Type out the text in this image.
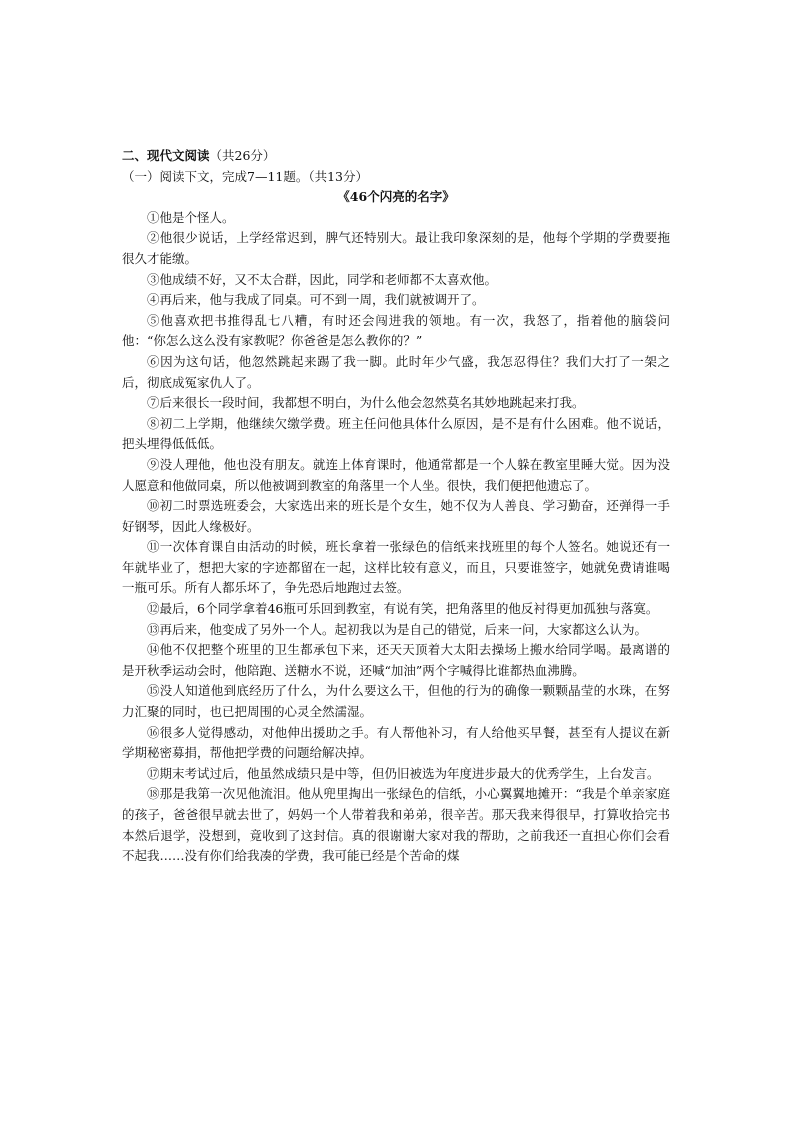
二、现代文阅读（共26分）
（一）阅读下文，完成7—11题。（共13分）
《46个闪亮的名字》

①他是个怪人。

②他很少说话，上学经常迟到，脾气还特别大。最让我印象深刻的是，他每个学期的学费要拖很久才能缴。

③他成绩不好，又不太合群，因此，同学和老师都不太喜欢他。

④再后来，他与我成了同桌。可不到一周，我们就被调开了。

⑤他喜欢把书推得乱七八糟，有时还会闯进我的领地。有一次，我怒了，指着他的脑袋问他：“你怎么这么没有家教呢？你爸爸是怎么教你的？”

⑥因为这句话，他忽然跳起来踢了我一脚。此时年少气盛，我怎忍得住？我们大打了一架之后，彻底成冤家仇人了。

⑦后来很长一段时间，我都想不明白，为什么他会忽然莫名其妙地跳起来打我。

⑧初二上学期，他继续欠缴学费。班主任问他具体什么原因，是不是有什么困难。他不说话，把头埋得低低低。

⑨没人理他，他也没有朋友。就连上体育课时，他通常都是一个人躲在教室里睡大觉。因为没人愿意和他做同桌，所以他被调到教室的角落里一个人坐。很快，我们便把他遗忘了。

⑩初二时票选班委会，大家选出来的班长是个女生，她不仅为人善良、学习勤奋，还弹得一手好钢琴，因此人缘极好。

⑪一次体育课自由活动的时候，班长拿着一张绿色的信纸来找班里的每个人签名。她说还有一年就毕业了，想把大家的字迹都留在一起，这样比较有意义，而且，只要谁签字，她就免费请谁喝一瓶可乐。所有人都乐坏了，争先恐后地跑过去签。

⑫最后，6个同学拿着46瓶可乐回到教室，有说有笑，把角落里的他反衬得更加孤独与落寞。

⑬再后来，他变成了另外一个人。起初我以为是自己的错觉，后来一问，大家都这么认为。

⑭他不仅把整个班里的卫生都承包下来，还天天顶着大太阳去操场上搬水给同学喝。最离谱的是开秋季运动会时，他陪跑、送糖水不说，还喊“加油”两个字喊得比谁都热血沸腾。

⑮没人知道他到底经历了什么，为什么要这么干，但他的行为的确像一颗颗晶莹的水珠，在努力汇聚的同时，也已把周围的心灵全然濡湿。

⑯很多人觉得感动，对他伸出援助之手。有人帮他补习，有人给他买早餐，甚至有人提议在新学期秘密募捐，帮他把学费的问题给解决掉。

⑰期末考试过后，他虽然成绩只是中等，但仍旧被选为年度进步最大的优秀学生，上台发言。

⑱那是我第一次见他流泪。他从兜里掏出一张绿色的信纸，小心翼翼地摊开：“我是个单亲家庭的孩子，爸爸很早就去世了，妈妈一个人带着我和弟弟，很辛苦。那天我来得很早，打算收拾完书本然后退学，没想到，竟收到了这封信。真的很谢谢大家对我的帮助，之前我还一直担心你们会看不起我……没有你们给我凑的学费，我可能已经是个苦命的煤
